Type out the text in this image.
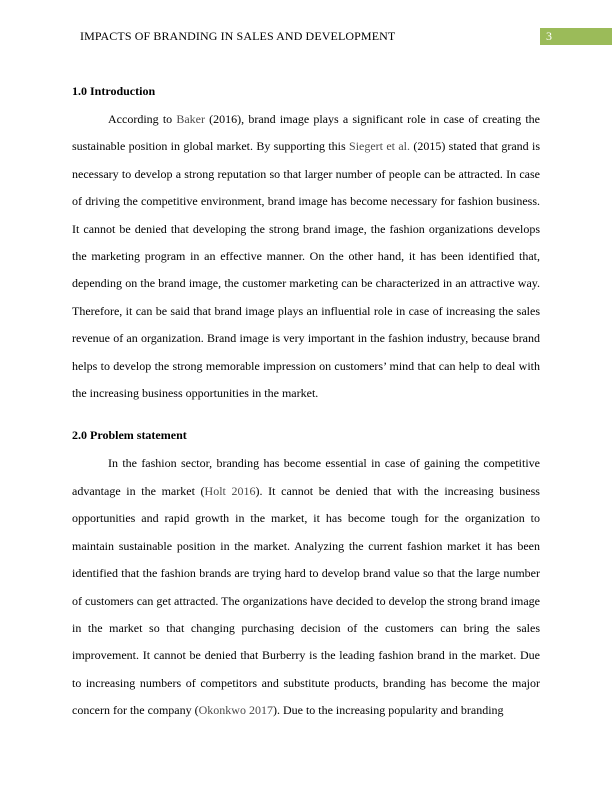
IMPACTS OF BRANDING IN SALES AND DEVELOPMENT	3
1.0 Introduction

According to Baker (2016), brand image plays a significant role in case of creating the sustainable position in global market. By supporting this Siegert et al. (2015) stated that grand is necessary to develop a strong reputation so that larger number of people can be attracted. In case of driving the competitive environment, brand image has become necessary for fashion business. It cannot be denied that developing the strong brand image, the fashion organizations develops the marketing program in an effective manner. On the other hand, it has been identified that, depending on the brand image, the customer marketing can be characterized in an attractive way. Therefore, it can be said that brand image plays an influential role in case of increasing the sales revenue of an organization. Brand image is very important in the fashion industry, because brand helps to develop the strong memorable impression on customers’ mind that can help to deal with the increasing business opportunities in the market.

2.0 Problem statement

In the fashion sector, branding has become essential in case of gaining the competitive advantage in the market (Holt 2016). It cannot be denied that with the increasing business opportunities and rapid growth in the market, it has become tough for the organization to maintain sustainable position in the market. Analyzing the current fashion market it has been identified that the fashion brands are trying hard to develop brand value so that the large number of customers can get attracted. The organizations have decided to develop the strong brand image in the market so that changing purchasing decision of the customers can bring the sales improvement. It cannot be denied that Burberry is the leading fashion brand in the market. Due to increasing numbers of competitors and substitute products, branding has become the major concern for the company (Okonkwo 2017). Due to the increasing popularity and branding
